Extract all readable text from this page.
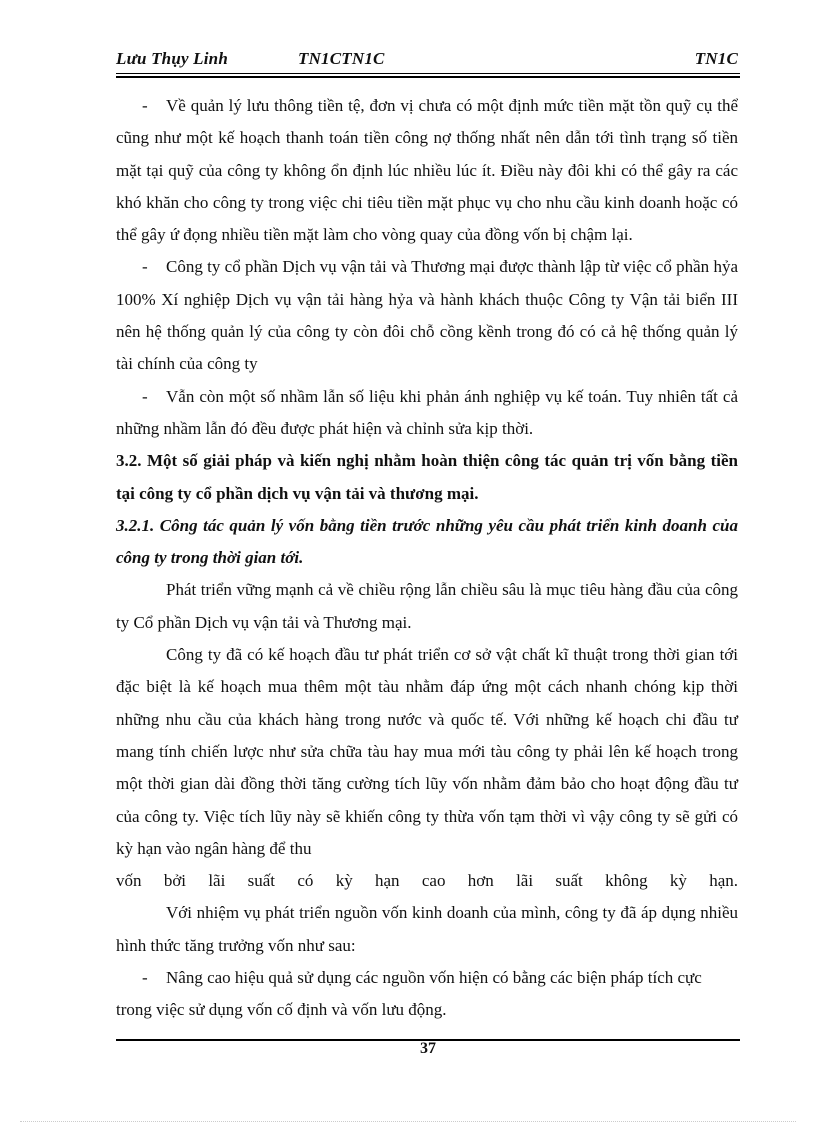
Lưu Thụy Linh	TN1CTN1C	TN1C

- Về quản lý lưu thông tiền tệ, đơn vị chưa có một định mức tiền mặt tồn quỹ cụ thể cũng như một kế hoạch thanh toán tiền công nợ thống nhất nên dẫn tới tình trạng số tiền mặt tại quỹ của công ty không ổn định lúc nhiều lúc ít. Điều này đôi khi có thể gây ra các khó khăn cho công ty trong việc chi tiêu tiền mặt phục vụ cho nhu cầu kinh doanh hoặc có thể gây ứ đọng nhiều tiền mặt làm cho vòng quay của đồng vốn bị chậm lại.

- Công ty cổ phần Dịch vụ vận tải và Thương mại được thành lập từ việc cổ phần hỷa 100% Xí nghiệp Dịch vụ vận tải hàng hỷa và hành khách thuộc Công ty Vận tải biển III nên hệ thống quản lý của công ty còn đôi chỗ cồng kềnh trong đó có cả hệ thống quản lý tài chính của công ty

- Vẫn còn một số nhầm lẫn số liệu khi phản ánh nghiệp vụ kế toán. Tuy nhiên tất cả những nhầm lẫn đó đều được phát hiện và chỉnh sửa kịp thời.

3.2. Một số giải pháp và kiến nghị nhằm hoàn thiện công tác quản trị vốn bằng tiền tại công ty cổ phần dịch vụ vận tải và thương mại.

3.2.1. Công tác quản lý vốn bằng tiền trước những yêu cầu phát triển kinh doanh của công ty trong thời gian tới.

Phát triển vững mạnh cả về chiều rộng lẫn chiều sâu là mục tiêu hàng đầu của công ty Cổ phần Dịch vụ vận tải và Thương mại.

Công ty đã có kế hoạch đầu tư phát triển cơ sở vật chất kĩ thuật trong thời gian tới đặc biệt là kế hoạch mua thêm một tàu nhằm đáp ứng một cách nhanh chóng kịp thời những nhu cầu của khách hàng trong nước và quốc tế. Với những kế hoạch chi đầu tư mang tính chiến lược như sửa chữa tàu hay mua mới tàu công ty phải lên kế hoạch trong một thời gian dài đồng thời tăng cường tích lũy vốn nhằm đảm bảo cho hoạt động đầu tư của công ty. Việc tích lũy này sẽ khiến công ty thừa vốn tạm thời vì vậy công ty sẽ gửi có kỳ hạn vào ngân hàng để thu

vốn bởi lãi suất có kỳ hạn cao hơn lãi suất không kỳ hạn.

Với nhiệm vụ phát triển nguồn vốn kinh doanh của mình, công ty đã áp dụng nhiều hình thức tăng trưởng vốn như sau:

- Nâng cao hiệu quả sử dụng các nguồn vốn hiện có bằng các biện pháp tích cực trong việc sử dụng vốn cố định và vốn lưu động.

37
